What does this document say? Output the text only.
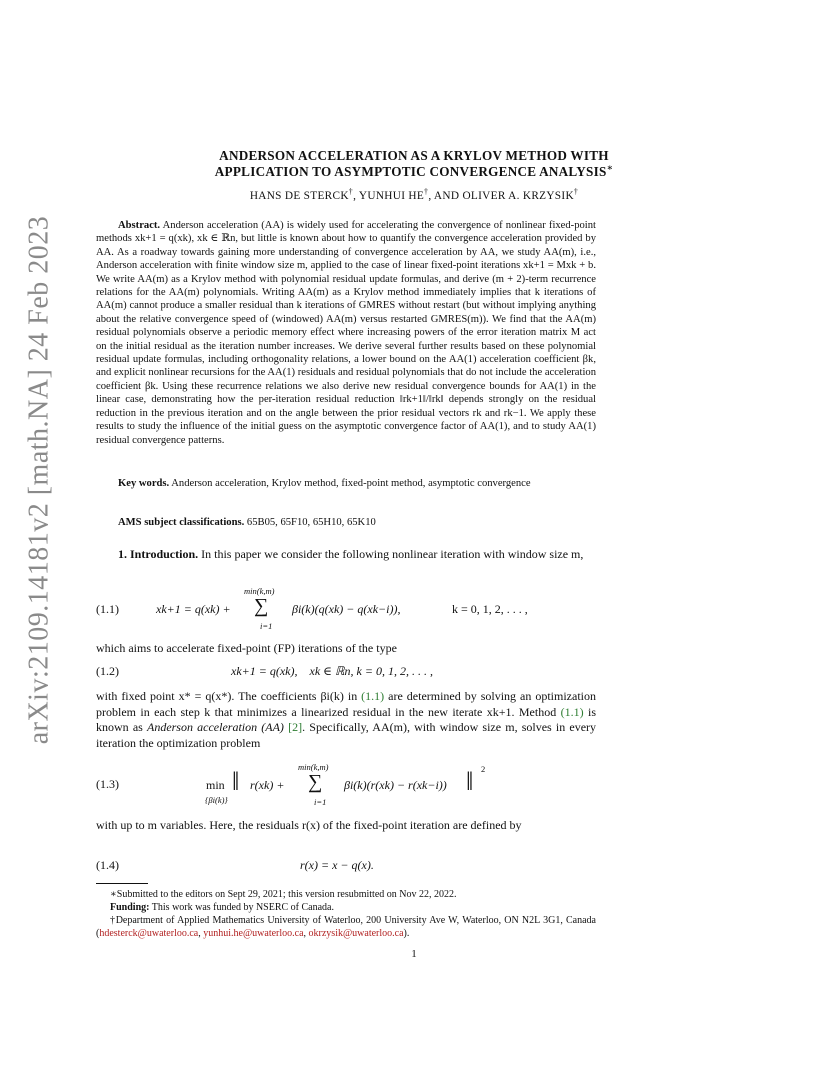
arXiv:2109.14181v2 [math.NA] 24 Feb 2023
ANDERSON ACCELERATION AS A KRYLOV METHOD WITH
APPLICATION TO ASYMPTOTIC CONVERGENCE ANALYSIS∗
HANS DE STERCK†, YUNHUI HE†, AND OLIVER A. KRZYSIK†
Abstract. Anderson acceleration (AA) is widely used for accelerating the convergence of nonlinear fixed-point methods xk+1 = q(xk), xk ∈ ℝn, but little is known about how to quantify the convergence acceleration provided by AA. As a roadway towards gaining more understanding of convergence acceleration by AA, we study AA(m), i.e., Anderson acceleration with finite window size m, applied to the case of linear fixed-point iterations xk+1 = Mxk + b. We write AA(m) as a Krylov method with polynomial residual update formulas, and derive (m + 2)-term recurrence relations for the AA(m) polynomials. Writing AA(m) as a Krylov method immediately implies that k iterations of AA(m) cannot produce a smaller residual than k iterations of GMRES without restart (but without implying anything about the relative convergence speed of (windowed) AA(m) versus restarted GMRES(m)). We find that the AA(m) residual polynomials observe a periodic memory effect where increasing powers of the error iteration matrix M act on the initial residual as the iteration number increases. We derive several further results based on these polynomial residual update formulas, including orthogonality relations, a lower bound on the AA(1) acceleration coefficient βk, and explicit nonlinear recursions for the AA(1) residuals and residual polynomials that do not include the acceleration coefficient βk. Using these recurrence relations we also derive new residual convergence bounds for AA(1) in the linear case, demonstrating how the per-iteration residual reduction ‖rk+1‖/‖rk‖ depends strongly on the residual reduction in the previous iteration and on the angle between the prior residual vectors rk and rk−1. We apply these results to study the influence of the initial guess on the asymptotic convergence factor of AA(1), and to study AA(1) residual convergence patterns.
Key words. Anderson acceleration, Krylov method, fixed-point method, asymptotic convergence
AMS subject classifications. 65B05, 65F10, 65H10, 65K10
1. Introduction. In this paper we consider the following nonlinear iteration with window size m,
(1.1)	xk+1 = q(xk) +
min(k,m)
∑
i=1
βi(k)(q(xk) − q(xk−i)),	k = 0, 1, 2, . . . ,
which aims to accelerate fixed-point (FP) iterations of the type
(1.2)	xk+1 = q(xk),    xk ∈ ℝn, k = 0, 1, 2, . . . ,
with fixed point x* = q(x*). The coefficients βi(k) in (1.1) are determined by solving an optimization problem in each step k that minimizes a linearized residual in the new iterate xk+1. Method (1.1) is known as Anderson acceleration (AA) [2]. Specifically, AA(m), with window size m, solves in every iteration the optimization problem
(1.3)	min
{βi(k)}
‖ r(xk) +
min(k,m)
∑
i=1
βi(k)(r(xk) − r(xk−i)) ‖ 2
with up to m variables. Here, the residuals r(x) of the fixed-point iteration are defined by
(1.4)	r(x) = x − q(x).
∗Submitted to the editors on Sept 29, 2021; this version resubmitted on Nov 22, 2022.
Funding: This work was funded by NSERC of Canada.
†Department of Applied Mathematics University of Waterloo, 200 University Ave W, Waterloo, ON N2L 3G1, Canada (hdesterck@uwaterloo.ca, yunhui.he@uwaterloo.ca, okrzysik@uwaterloo.ca).
1
